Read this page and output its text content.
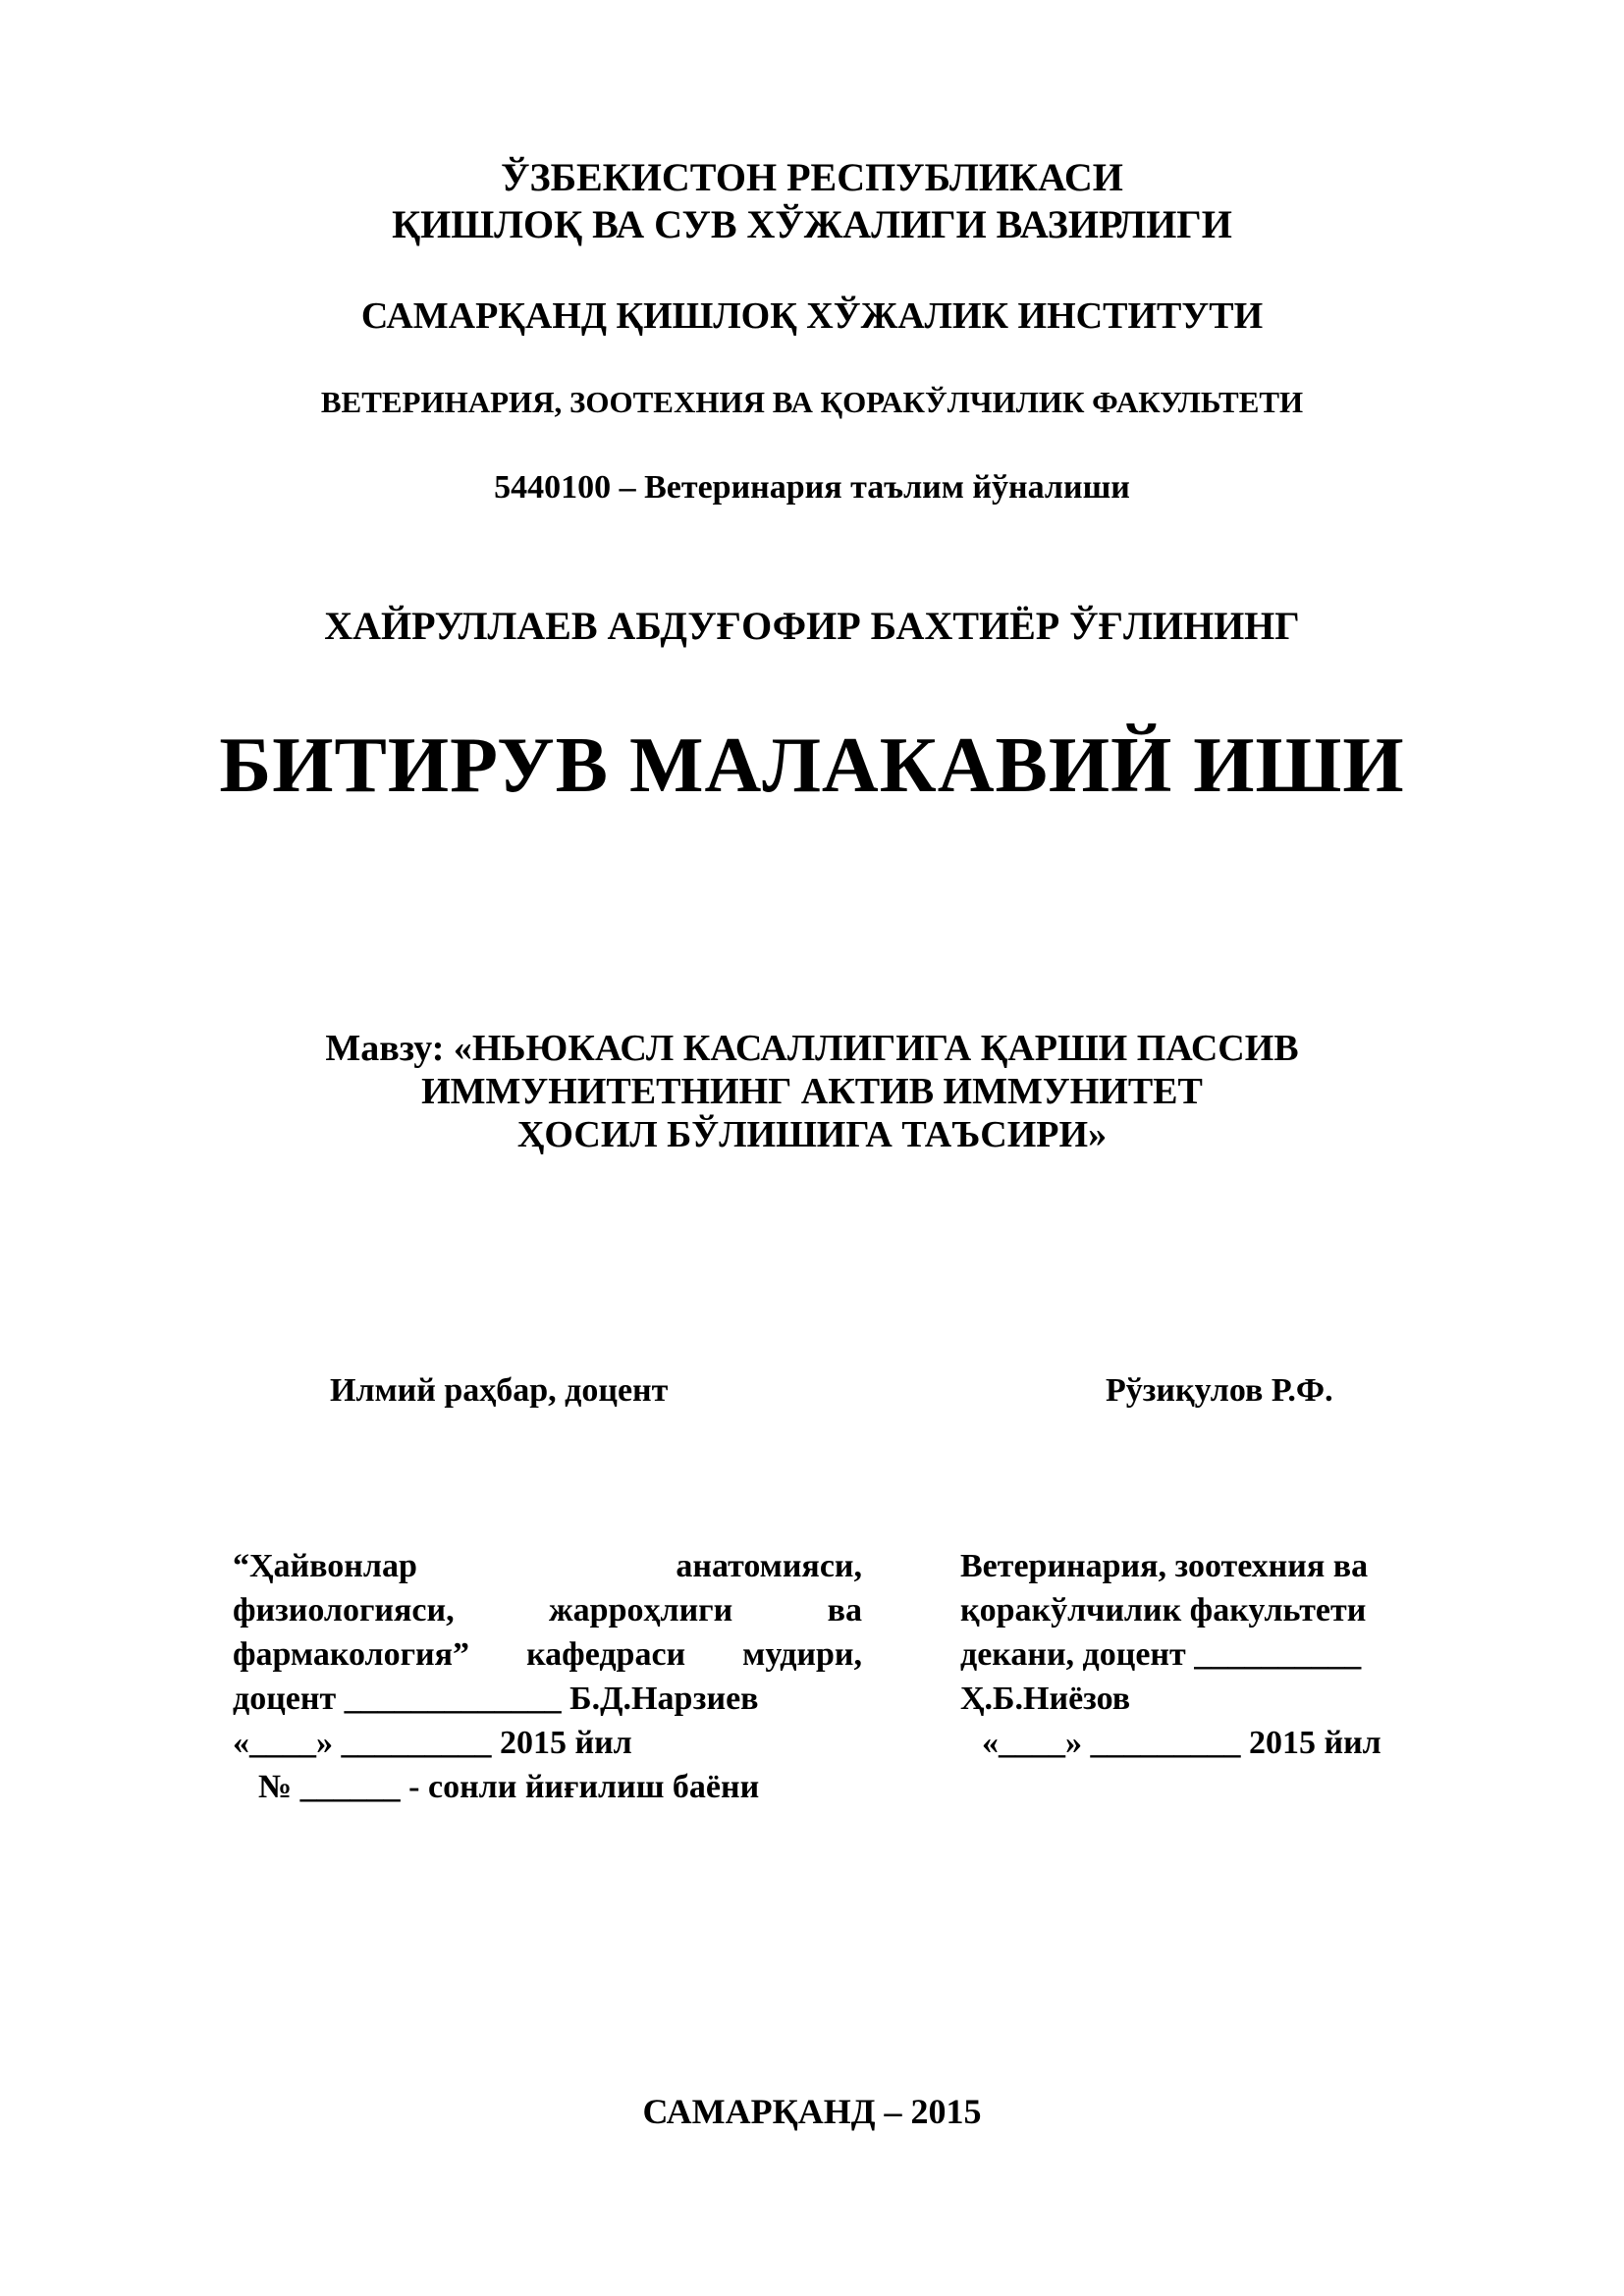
ЎЗБЕКИСТОН РЕСПУБЛИКАСИ
ҚИШЛОҚ ВА СУВ ХЎЖАЛИГИ ВАЗИРЛИГИ
САМАРҚАНД ҚИШЛОҚ ХЎЖАЛИК ИНСТИТУТИ
ВЕТЕРИНАРИЯ, ЗООТЕХНИЯ ВА ҚОРАКЎЛЧИЛИК ФАКУЛЬТЕТИ
5440100 – Ветеринария таълим йўналиши
ХАЙРУЛЛАЕВ АБДУҒОФИР БАХТИЁР ЎҒЛИНИНГ
БИТИРУВ МАЛАКАВИЙ ИШИ
Мавзу: «НЬЮКАСЛ КАСАЛЛИГИГА ҚАРШИ ПАССИВ
ИММУНИТЕТНИНГ АКТИВ ИММУНИТЕТ
ҲОСИЛ БЎЛИШИГА ТАЪСИРИ»
Илмий раҳбар, доцент	Рўзиқулов Р.Ф.
“Ҳайвонлар	анатомияси,
физиологияси,	жарроҳлиги	ва
фармакология” кафедраси мудири,
доцент _____________ Б.Д.Нарзиев
«____» _________ 2015 йил
№ ______ - сонли йиғилиш баёни
Ветеринария, зоотехния ва
қоракўлчилик факультети
декани, доцент __________
Ҳ.Б.Ниёзов
«____» _________ 2015 йил
САМАРҚАНД – 2015
